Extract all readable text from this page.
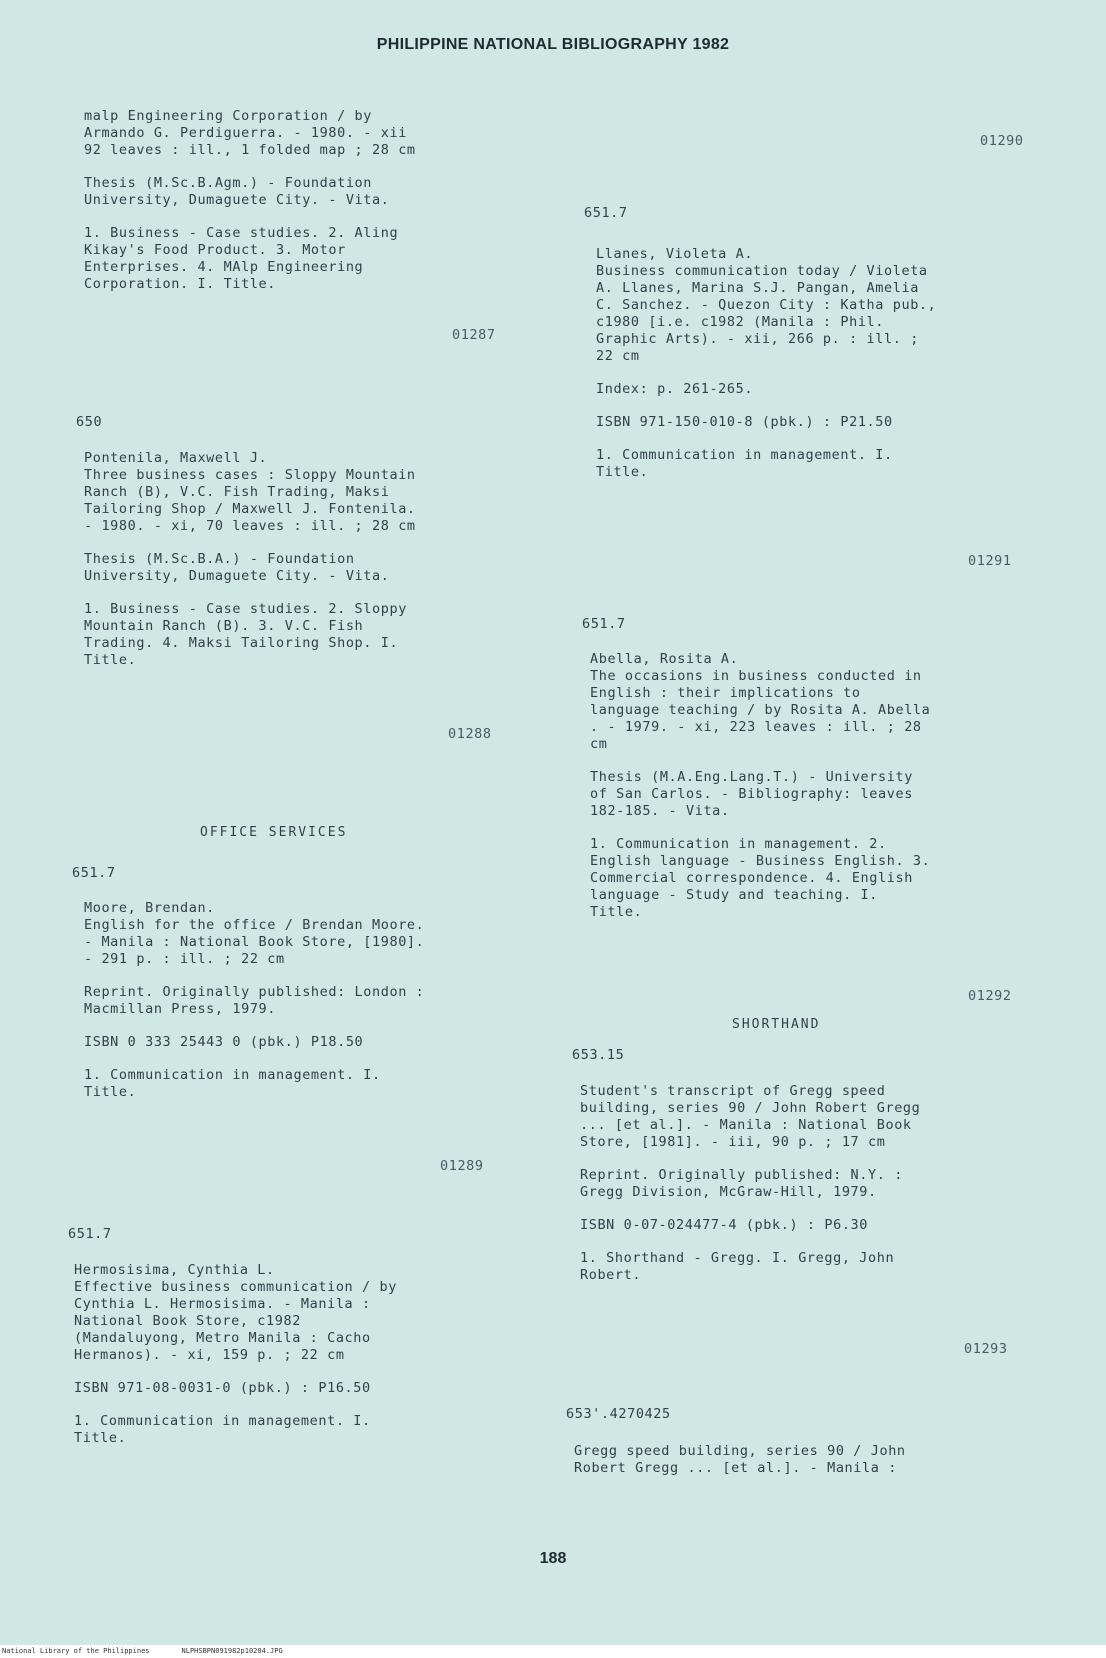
PHILIPPINE NATIONAL BIBLIOGRAPHY 1982
malp Engineering Corporation / by
Armando G. Perdiguerra. - 1980. - xii
92 leaves : ill., 1 folded map ; 28 cm
Thesis (M.Sc.B.Agm.) - Foundation
University, Dumaguete City. - Vita.
1. Business - Case studies. 2. Aling
Kikay's Food Product. 3. Motor
Enterprises. 4. MAlp Engineering
Corporation. I. Title.
01287
650
Pontenila, Maxwell J.
Three business cases : Sloppy Mountain
Ranch (B), V.C. Fish Trading, Maksi
Tailoring Shop / Maxwell J. Fontenila.
- 1980. - xi, 70 leaves : ill. ; 28 cm
Thesis (M.Sc.B.A.) - Foundation
University, Dumaguete City. - Vita.
1. Business - Case studies. 2. Sloppy
Mountain Ranch (B). 3. V.C. Fish
Trading. 4. Maksi Tailoring Shop. I.
Title.
01288
OFFICE SERVICES
651.7
Moore, Brendan.
English for the office / Brendan Moore.
- Manila : National Book Store, [1980].
- 291 p. : ill. ; 22 cm
Reprint. Originally published: London :
Macmillan Press, 1979.
ISBN 0 333 25443 0 (pbk.) P18.50
1. Communication in management. I.
Title.
01289
651.7
Hermosisima, Cynthia L.
Effective business communication / by
Cynthia L. Hermosisima. - Manila :
National Book Store, c1982
(Mandaluyong, Metro Manila : Cacho
Hermanos). - xi, 159 p. ; 22 cm
ISBN 971-08-0031-0 (pbk.) : P16.50
1. Communication in management. I.
Title.
01290
651.7
Llanes, Violeta A.
Business communication today / Violeta
A. Llanes, Marina S.J. Pangan, Amelia
C. Sanchez. - Quezon City : Katha pub.,
c1980 [i.e. c1982 (Manila : Phil.
Graphic Arts). - xii, 266 p. : ill. ;
22 cm
Index: p. 261-265.
ISBN 971-150-010-8 (pbk.) : P21.50
1. Communication in management. I.
Title.
01291
651.7
Abella, Rosita A.
The occasions in business conducted in
English : their implications to
language teaching / by Rosita A. Abella
. - 1979. - xi, 223 leaves : ill. ; 28
cm
Thesis (M.A.Eng.Lang.T.) - University
of San Carlos. - Bibliography: leaves
182-185. - Vita.
1. Communication in management. 2.
English language - Business English. 3.
Commercial correspondence. 4. English
language - Study and teaching. I.
Title.
01292
SHORTHAND
653.15
Student's transcript of Gregg speed
building, series 90 / John Robert Gregg
... [et al.]. - Manila : National Book
Store, [1981]. - iii, 90 p. ; 17 cm
Reprint. Originally published: N.Y. :
Gregg Division, McGraw-Hill, 1979.
ISBN 0-07-024477-4 (pbk.) : P6.30
1. Shorthand - Gregg. I. Gregg, John
Robert.
01293
653'.4270425
Gregg speed building, series 90 / John
Robert Gregg ... [et al.]. - Manila :
188
National Library of the Philippines	NLPHSBPN091982p10204.JPG
